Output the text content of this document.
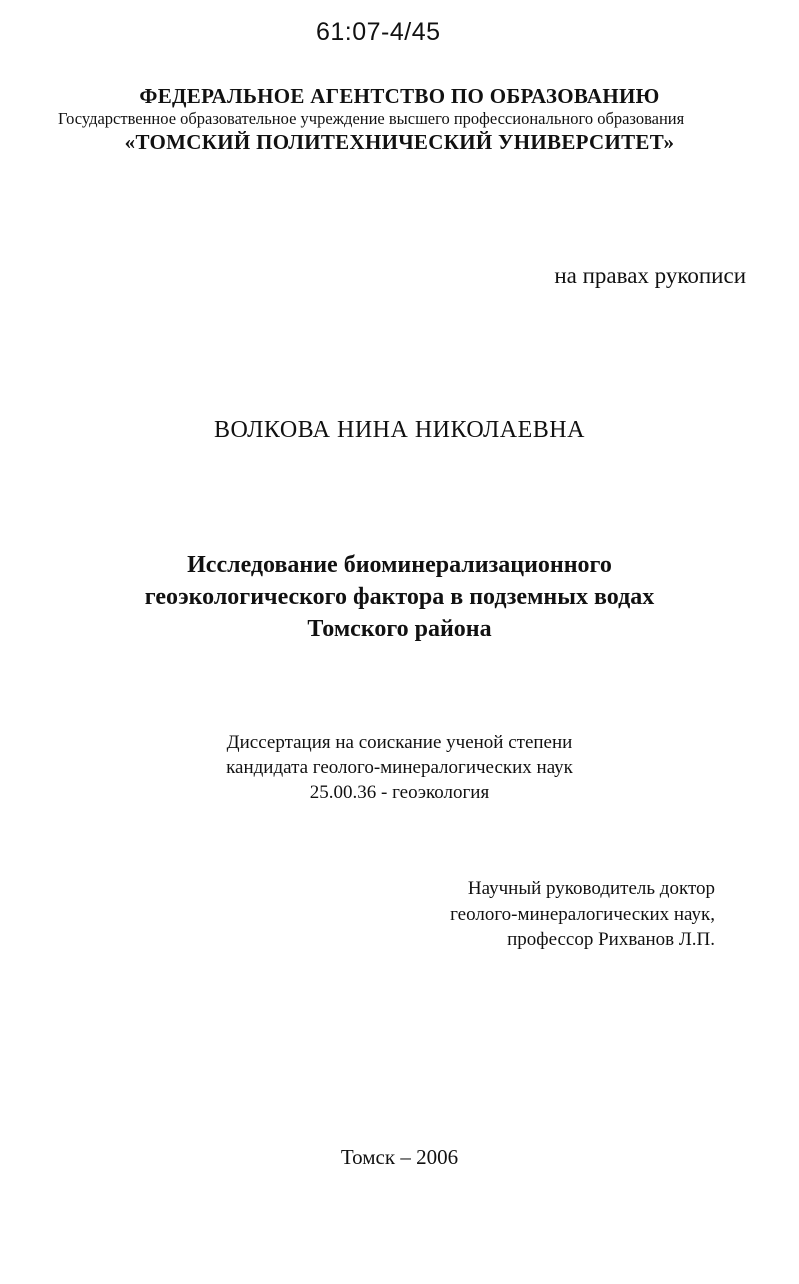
61:07-4/45
ФЕДЕРАЛЬНОЕ АГЕНТСТВО ПО ОБРАЗОВАНИЮ
Государственное образовательное учреждение высшего профессионального образования
«ТОМСКИЙ ПОЛИТЕХНИЧЕСКИЙ УНИВЕРСИТЕТ»
на правах рукописи
ВОЛКОВА НИНА НИКОЛАЕВНА
Исследование биоминерализационного
геоэкологического фактора в подземных водах
Томского района
Диссертация на соискание ученой степени
кандидата геолого-минералогических наук
25.00.36 - геоэкология
Научный руководитель доктор
геолого-минералогических наук,
профессор Рихванов Л.П.
Томск – 2006
